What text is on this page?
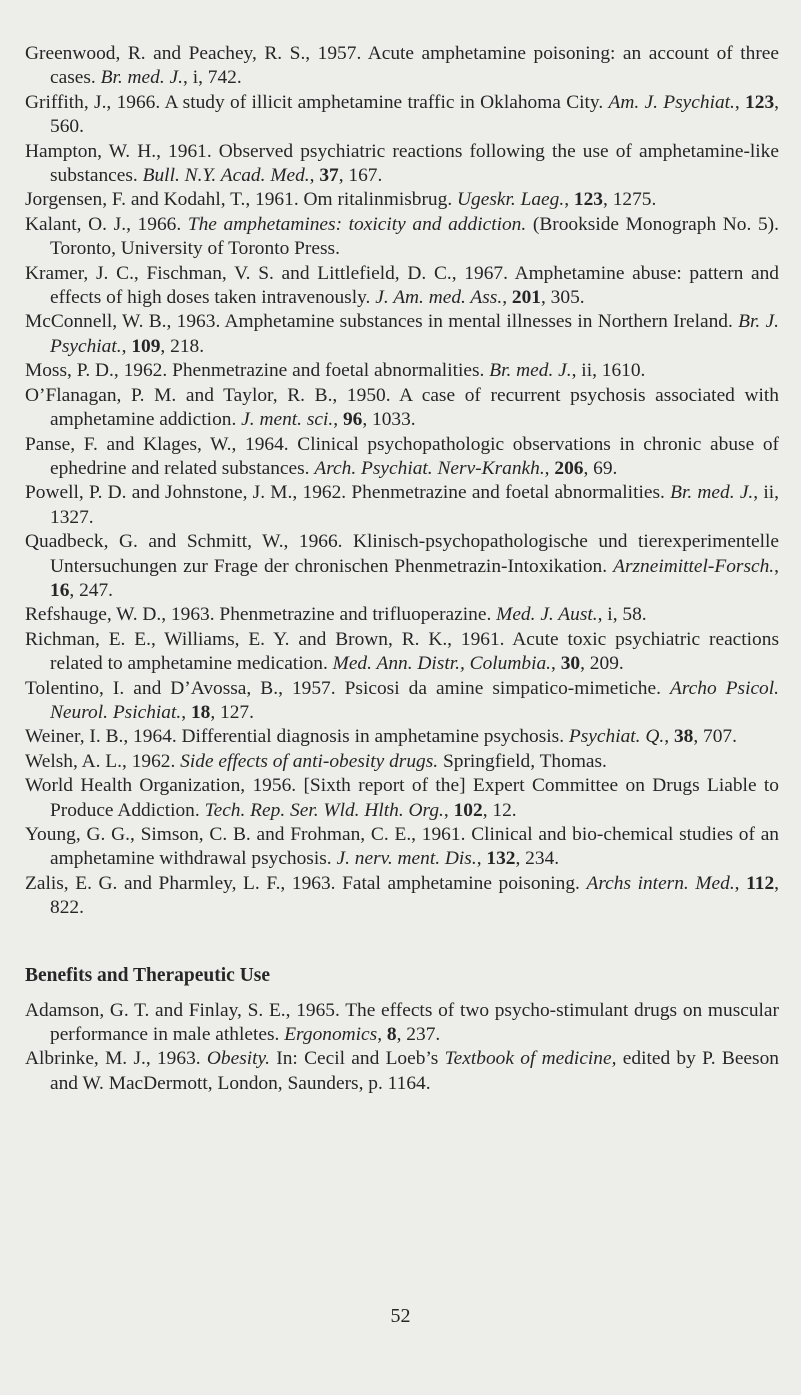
Greenwood, R. and Peachey, R. S., 1957. Acute amphetamine poisoning: an account of three cases. Br. med. J., i, 742.

Griffith, J., 1966. A study of illicit amphetamine traffic in Oklahoma City. Am. J. Psychiat., 123, 560.

Hampton, W. H., 1961. Observed psychiatric reactions following the use of amphetamine-like substances. Bull. N.Y. Acad. Med., 37, 167.

Jorgensen, F. and Kodahl, T., 1961. Om ritalinmisbrug. Ugeskr. Laeg., 123, 1275.

Kalant, O. J., 1966. The amphetamines: toxicity and addiction. (Brookside Monograph No. 5). Toronto, University of Toronto Press.

Kramer, J. C., Fischman, V. S. and Littlefield, D. C., 1967. Amphetamine abuse: pattern and effects of high doses taken intravenously. J. Am. med. Ass., 201, 305.

McConnell, W. B., 1963. Amphetamine substances in mental illnesses in Northern Ireland. Br. J. Psychiat., 109, 218.

Moss, P. D., 1962. Phenmetrazine and foetal abnormalities. Br. med. J., ii, 1610.

O’Flanagan, P. M. and Taylor, R. B., 1950. A case of recurrent psychosis associated with amphetamine addiction. J. ment. sci., 96, 1033.

Panse, F. and Klages, W., 1964. Clinical psychopathologic observations in chronic abuse of ephedrine and related substances. Arch. Psychiat. Nerv-Krankh., 206, 69.

Powell, P. D. and Johnstone, J. M., 1962. Phenmetrazine and foetal abnormalities. Br. med. J., ii, 1327.

Quadbeck, G. and Schmitt, W., 1966. Klinisch-psychopathologische und tierexperimentelle Untersuchungen zur Frage der chronischen Phenmetrazin-Intoxikation. Arzneimittel-Forsch., 16, 247.

Refshauge, W. D., 1963. Phenmetrazine and trifluoperazine. Med. J. Aust., i, 58.

Richman, E. E., Williams, E. Y. and Brown, R. K., 1961. Acute toxic psychiatric reactions related to amphetamine medication. Med. Ann. Distr., Columbia., 30, 209.

Tolentino, I. and D’Avossa, B., 1957. Psicosi da amine simpatico-mimetiche. Archo Psicol. Neurol. Psichiat., 18, 127.

Weiner, I. B., 1964. Differential diagnosis in amphetamine psychosis. Psychiat. Q., 38, 707.

Welsh, A. L., 1962. Side effects of anti-obesity drugs. Springfield, Thomas.

World Health Organization, 1956. [Sixth report of the] Expert Committee on Drugs Liable to Produce Addiction. Tech. Rep. Ser. Wld. Hlth. Org., 102, 12.

Young, G. G., Simson, C. B. and Frohman, C. E., 1961. Clinical and bio-chemical studies of an amphetamine withdrawal psychosis. J. nerv. ment. Dis., 132, 234.

Zalis, E. G. and Pharmley, L. F., 1963. Fatal amphetamine poisoning. Archs intern. Med., 112, 822.

Benefits and Therapeutic Use

Adamson, G. T. and Finlay, S. E., 1965. The effects of two psycho-stimulant drugs on muscular performance in male athletes. Ergonomics, 8, 237.

Albrinke, M. J., 1963. Obesity. In: Cecil and Loeb’s Textbook of medicine, edited by P. Beeson and W. MacDermott, London, Saunders, p. 1164.

52
